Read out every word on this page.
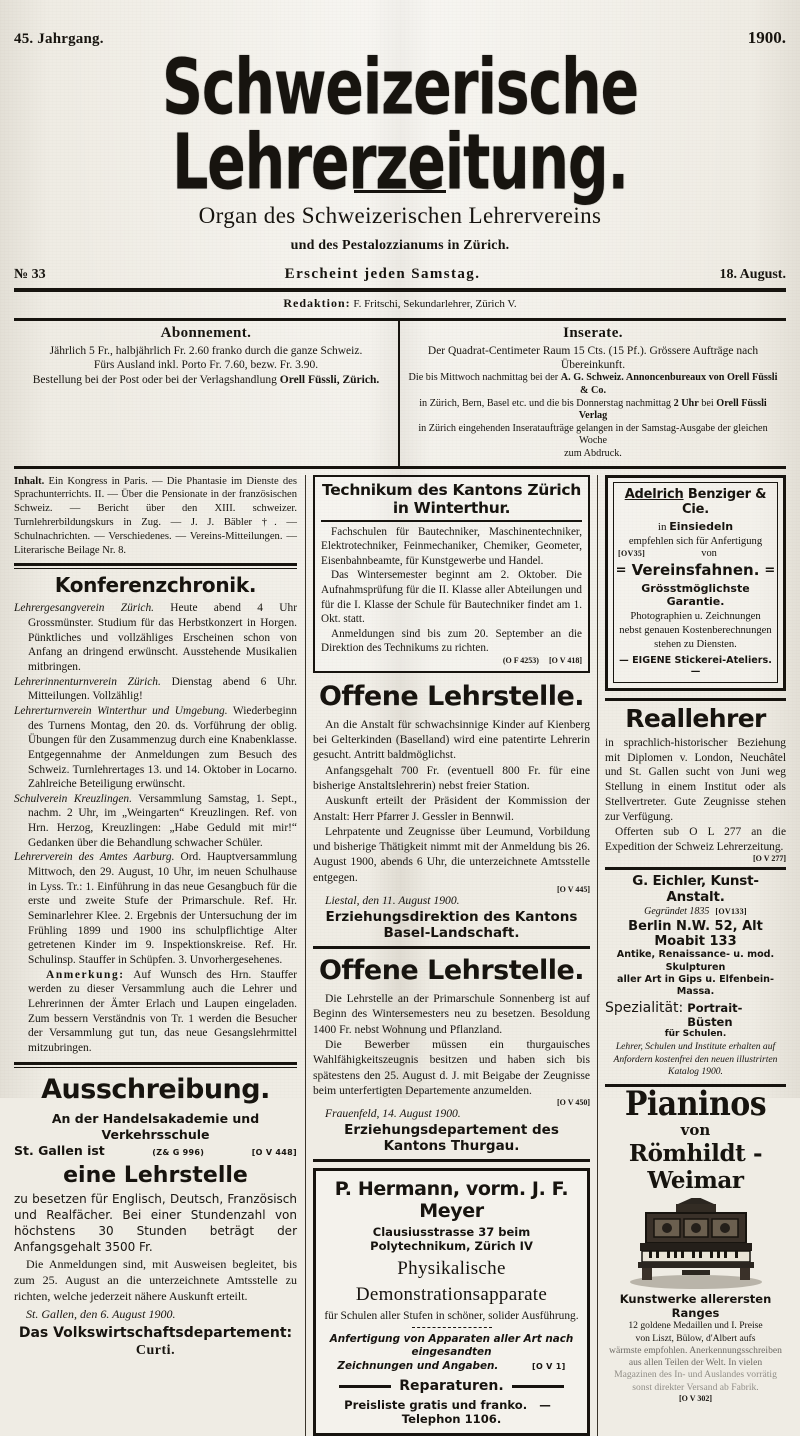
45. Jahrgang.	1900.
Schweizerische Lehrerzeitung.
Organ des Schweizerischen Lehrervereins
und des Pestalozzianums in Zürich.
№ 33	Erscheint jeden Samstag.	18. August.
Redaktion: F. Fritschi, Sekundarlehrer, Zürich V.
Abonnement.

Jährlich 5 Fr., halbjährlich Fr. 2.60 franko durch die ganze Schweiz.

Fürs Ausland inkl. Porto Fr. 7.60, bezw. Fr. 3.90.

Bestellung bei der Post oder bei der Verlagshandlung Orell Füssli, Zürich.

Inserate.

Der Quadrat-Centimeter Raum 15 Cts. (15 Pf.). Grössere Aufträge nach Übereinkunft.

Die bis Mittwoch nachmittag bei der A. G. Schweiz. Annoncenbureaux von Orell Füssli & Co.

in Zürich, Bern, Basel etc. und die bis Donnerstag nachmittag 2 Uhr bei Orell Füssli Verlag

in Zürich eingehenden Inserataufträge gelangen in der Samstag-Ausgabe der gleichen Woche

zum Abdruck.

Inhalt. Ein Kongress in Paris. — Die Phantasie im Dienste des Sprachunterrichts. II. — Über die Pensionate in der französischen Schweiz. — Bericht über den XIII. schweizer. Turnlehrerbildungskurs in Zug. — J. J. Bäbler †. — Schulnachrichten. — Verschiedenes. — Vereins-Mitteilungen. — Literarische Beilage Nr. 8.
Konferenzchronik.

Lehrergesangverein Zürich. Heute abend 4 Uhr Grossmünster. Studium für das Herbstkonzert in Horgen. Pünktliches und vollzähliges Erscheinen schon von Anfang an dringend erwünscht. Ausstehende Musikalien mitbringen.

Lehrerinnenturnverein Zürich. Dienstag abend 6 Uhr. Mitteilungen. Vollzählig!

Lehrerturnverein Winterthur und Umgebung. Wiederbeginn des Turnens Montag, den 20. ds. Vorführung der oblig. Übungen für den Zusammenzug durch eine Knabenklasse. Entgegennahme der Anmeldungen zum Besuch des Schweiz. Turnlehrertages 13. und 14. Oktober in Locarno. Zahlreiche Beteiligung erwünscht.

Schulverein Kreuzlingen. Versammlung Samstag, 1. Sept., nachm. 2 Uhr, im „Weingarten“ Kreuzlingen. Ref. von Hrn. Herzog, Kreuzlingen: „Habe Geduld mit mir!“ Gedanken über die Behandlung schwacher Schüler.

Lehrerverein des Amtes Aarburg. Ord. Hauptversammlung Mittwoch, den 29. August, 10 Uhr, im neuen Schulhause in Lyss. Tr.: 1. Einführung in das neue Gesangbuch für die erste und zweite Stufe der Primarschule. Ref. Hr. Seminarlehrer Klee. 2. Ergebnis der Untersuchung der im Frühling 1899 und 1900 ins schulpflichtige Alter getretenen Kinder im 9. Inspektionskreise. Ref. Hr. Schulinsp. Stauffer in Schüpfen. 3. Unvorhergesehenes.

Anmerkung: Auf Wunsch des Hrn. Stauffer werden zu dieser Versammlung auch die Lehrer und Lehrerinnen der Ämter Erlach und Laupen eingeladen. Zum bessern Verständnis von Tr. 1 werden die Besucher der Versammlung gut tun, das neue Gesangslehrmittel mitzubringen.

Ausschreibung.
An der Handelsakademie und Verkehrsschule
St. Gallen ist	(Z& G 996)	[O V 448]
eine Lehrstelle
zu besetzen für Englisch, Deutsch, Französisch und Realfächer. Bei einer Stundenzahl von höchstens 30 Stunden beträgt der Anfangsgehalt 3500 Fr.
Die Anmeldungen sind, mit Ausweisen begleitet, bis zum 25. August an die unterzeichnete Amtsstelle zu richten, welche jederzeit nähere Auskunft erteilt.
St. Gallen, den 6. August 1900.
Das Volkswirtschaftsdepartement:
Curti.
Technikum des Kantons Zürich in Winterthur.

Fachschulen für Bautechniker, Maschinentechniker, Elektrotechniker, Feinmechaniker, Chemiker, Geometer, Eisenbahnbeamte, für Kunstgewerbe und Handel.

Das Wintersemester beginnt am 2. Oktober. Die Aufnahmsprüfung für die II. Klasse aller Abteilungen und für die I. Klasse der Schule für Bautechniker findet am 1. Okt. statt.

Anmeldungen sind bis zum 20. September an die Direktion des Technikums zu richten.

(O F 4253) [O V 418]
Offene Lehrstelle.

An die Anstalt für schwachsinnige Kinder auf Kienberg bei Gelterkinden (Baselland) wird eine patentirte Lehrerin gesucht. Antritt baldmöglichst.

Anfangsgehalt 700 Fr. (eventuell 800 Fr. für eine bisherige Anstaltslehrerin) nebst freier Station.

Auskunft erteilt der Präsident der Kommission der Anstalt: Herr Pfarrer J. Gessler in Bennwil.

Lehrpatente und Zeugnisse über Leumund, Vorbildung und bisherige Thätigkeit nimmt mit der Anmeldung bis 26. August 1900, abends 6 Uhr, die unterzeichnete Amtsstelle entgegen.

[O V 445]
Liestal, den 11. August 1900.
Erziehungsdirektion des Kantons Basel-Landschaft.
Offene Lehrstelle.

Die Lehrstelle an der Primarschule Sonnenberg ist auf Beginn des Wintersemesters neu zu besetzen. Besoldung 1400 Fr. nebst Wohnung und Pflanzland.

Die Bewerber müssen ein thurgauisches Wahlfähigkeitszeugnis besitzen und haben sich bis spätestens den 25. August d. J. mit Beigabe der Zeugnisse beim unterfertigten Departemente anzumelden.

[O V 450]
Frauenfeld, 14. August 1900.
Erziehungsdepartement des Kantons Thurgau.
P. Hermann, vorm. J. F. Meyer
Clausiusstrasse 37 beim Polytechnikum, Zürich IV
Physikalische
Demonstrationsapparate
für Schulen aller Stufen in schöner, solider Ausführung.
Anfertigung von Apparaten aller Art nach eingesandten
Zeichnungen und Angaben.	[O V 1]
Reparaturen.
Preisliste gratis und franko. —   Telephon 1106.
Adelrich Benziger & Cie.
in Einsiedeln
empfehlen sich für Anfertigung
[OV35]	von
= Vereinsfahnen. =
Grösstmöglichste Garantie.
Photographien u. Zeichnungen nebst genauen Kostenberechnungen stehen zu Diensten.
— EIGENE Stickerei-Ateliers. —
Reallehrer

in sprachlich-historischer Beziehung mit Diplomen v. London, Neuchâtel und St. Gallen sucht von Juni weg Stellung in einem Institut oder als Stellvertreter. Gute Zeugnisse stehen zur Verfügung.

Offerten sub O L 277 an die Expedition der Schweiz Lehrerzeitung.

[O V 277]
G. Eichler, Kunst-Anstalt.
Gegründet 1835 [OV133]
Berlin N.W. 52, Alt Moabit 133
Antike, Renaissance- u. mod. Skulpturen
aller Art in Gips u. Elfenbein-Massa.
Spezialität: Portrait-Büsten
für Schulen.
Lehrer, Schulen und Institute erhalten auf Anfordern kostenfrei den neuen illustrirten Katalog 1900.
Pianinos
von
Römhildt - Weimar
Kunstwerke allerersten Ranges
12 goldene Medaillen und I. Preise
von Liszt, Bülow, d'Albert aufs
wärmste empfohlen. Anerkennungsschreiben
aus allen Teilen der Welt. In vielen
Magazinen des In- und Auslandes vorrätig
sonst direkter Versand ab Fabrik.
[O V 302]
